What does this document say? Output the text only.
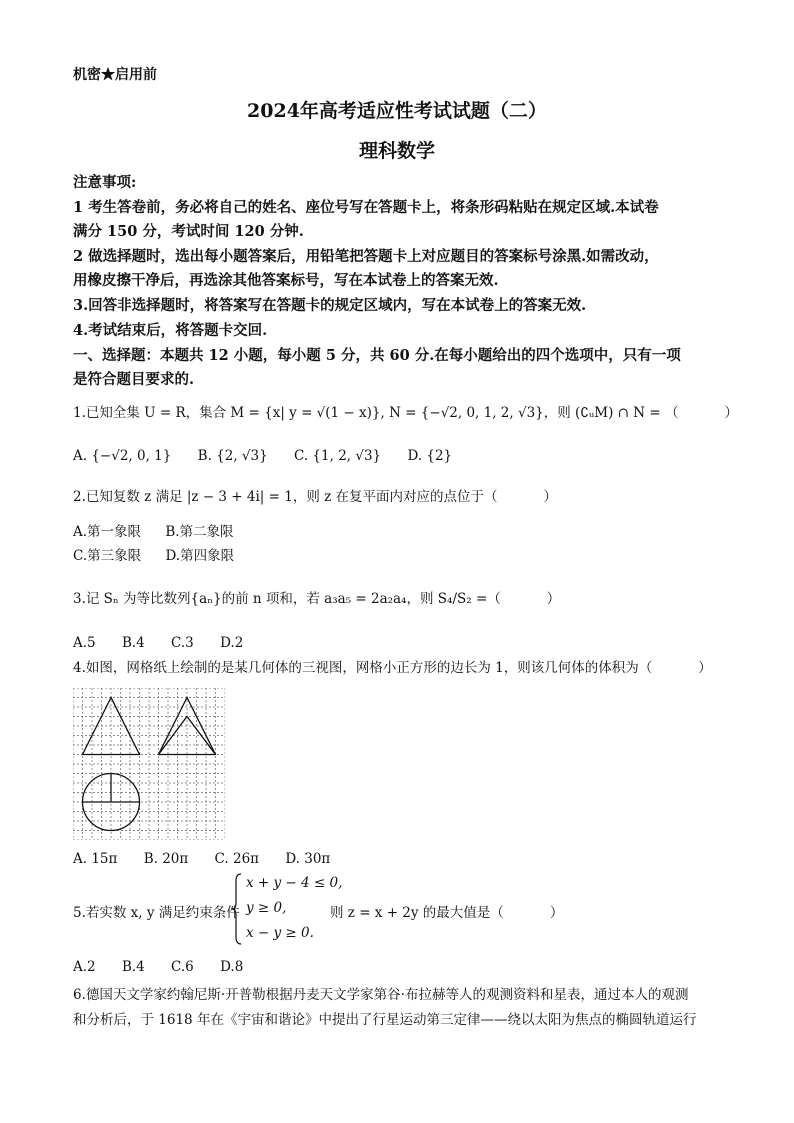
机密★启用前
2024年高考适应性考试试题（二）
理科数学
注意事项:
1 考生答卷前，务必将自己的姓名、座位号写在答题卡上，将条形码粘贴在规定区域.本试卷
满分 150 分，考试时间 120 分钟.
2 做选择题时，选出每小题答案后，用铅笔把答题卡上对应题目的答案标号涂黑.如需改动，
用橡皮擦干净后，再选涂其他答案标号，写在本试卷上的答案无效.
3.回答非选择题时，将答案写在答题卡的规定区域内，写在本试卷上的答案无效.
4.考试结束后，将答题卡交回.
一、选择题：本题共 12 小题，每小题 5 分，共 60 分.在每小题给出的四个选项中，只有一项
是符合题目要求的.
1.已知全集 U = R，集合 M = {x| y = √(1 − x)}, N = {−√2, 0, 1, 2, √3}，则 (∁ᵤM) ∩ N = （	）
A. {−√2, 0, 1} B. {2, √3} C. {1, 2, √3} D. {2}
2.已知复数 z 满足 |z − 3 + 4i| = 1，则 z 在复平面内对应的点位于（	）
A.第一象限 B.第二象限
C.第三象限 D.第四象限
3.记 Sₙ 为等比数列{aₙ}的前 n 项和，若 a₃a₅ = 2a₂a₄，则 S₄/S₂ =（	）
A.5 B.4 C.3 D.2
4.如图，网格纸上绘制的是某几何体的三视图，网格小正方形的边长为 1，则该几何体的体积为（	）
A. 15π B. 20π C. 26π D. 30π
5.若实数 x, y 满足约束条件
x + y − 4 ≤ 0,
y ≥ 0,
x − y ≥ 0.
则 z = x + 2y 的最大值是（	）
A.2 B.4 C.6 D.8
6.德国天文学家约翰尼斯·开普勒根据丹麦天文学家第谷·布拉赫等人的观测资料和星表，通过本人的观测
和分析后，于 1618 年在《宇宙和谐论》中提出了行星运动第三定律——绕以太阳为焦点的椭圆轨道运行
